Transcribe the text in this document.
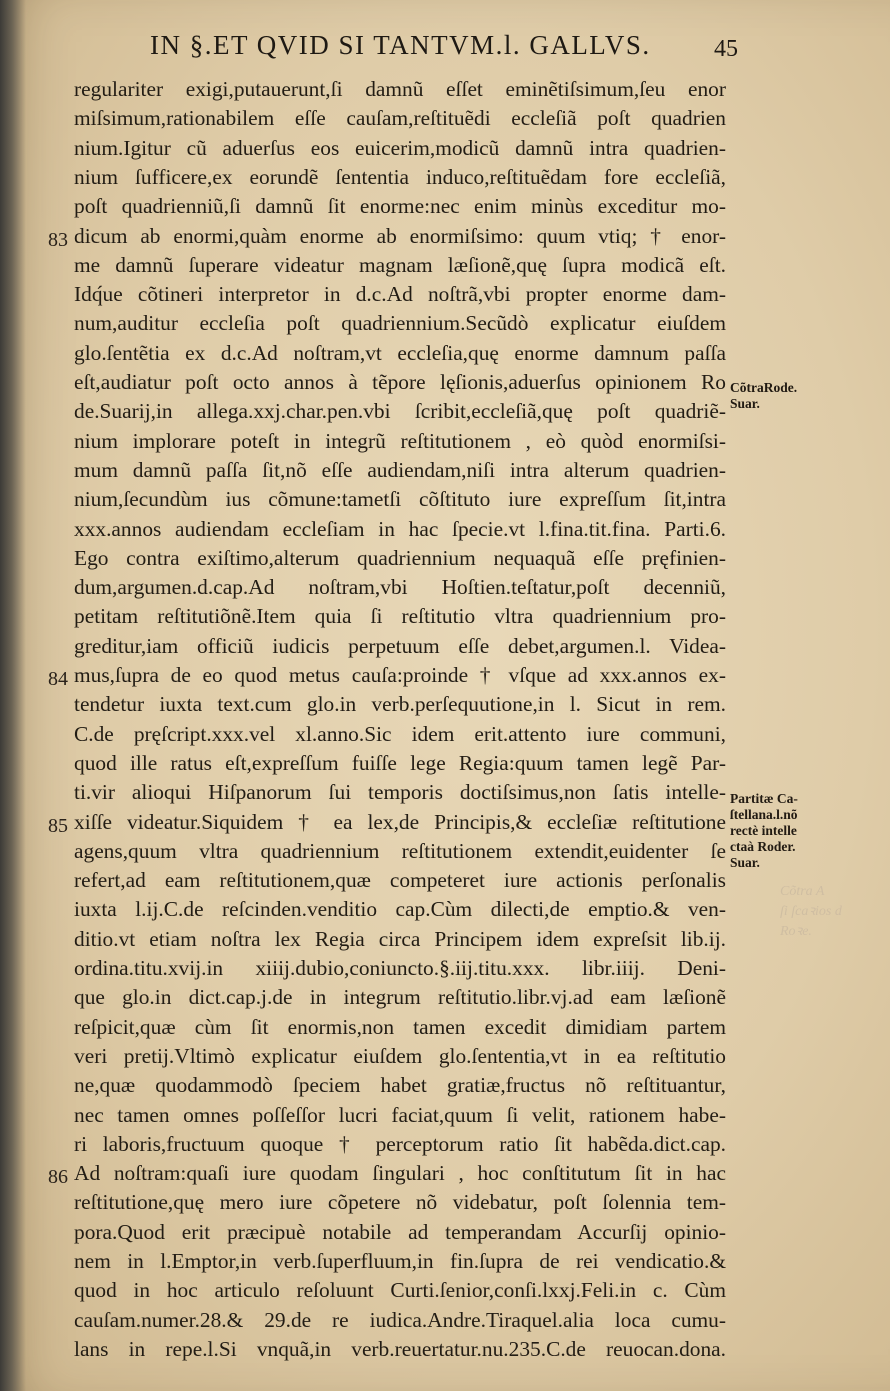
IN §.ET QVID SI TANTVM.l. GALLVS.	45
regulariter exigi,putauerunt,ſi damnũ eſſet eminẽtiſsimum,ſeu enor
miſsimum,rationabilem eſſe cauſam,reſtituẽdi eccleſiã poſt quadrien
nium.Igitur cũ aduerſus eos euicerim,modicũ damnũ intra quadrien-
nium ſufficere,ex eorundẽ ſententia induco,reſtituẽdam fore eccleſiã,
poſt quadrienniũ,ſi damnũ ſit enorme:nec enim minùs exceditur mo-
dicum ab enormi,quàm enorme ab enormiſsimo: quum vtiq; † enor-
me damnũ ſuperare videatur magnam læſionẽ,quę ſupra modicã eſt.
Idq́ue cõtineri interpretor in d.c.Ad noſtrã,vbi propter enorme dam-
num,auditur eccleſia poſt quadriennium.Secũdò explicatur eiuſdem
glo.ſentẽtia ex d.c.Ad noſtram,vt eccleſia,quę enorme damnum paſſa
eſt,audiatur poſt octo annos à tẽpore lęſionis,aduerſus opinionem Ro
de.Suarij,in allega.xxj.char.pen.vbi ſcribit,eccleſiã,quę poſt quadriẽ-
nium implorare poteſt in integrũ reſtitutionem , eò quòd enormiſsi-
mum damnũ paſſa ſit,nõ eſſe audiendam,niſi intra alterum quadrien-
nium,ſecundùm ius cõmune:tametſi cõſtituto iure expreſſum ſit,intra
xxx.annos audiendam eccleſiam in hac ſpecie.vt l.fina.tit.fina. Parti.6.
Ego contra exiſtimo,alterum quadriennium nequaquã eſſe pręfinien-
dum,argumen.d.cap.Ad noſtram,vbi Hoſtien.teſtatur,poſt decenniũ,
petitam reſtitutiõnẽ.Item quia ſi reſtitutio vltra quadriennium pro-
greditur,iam officiũ iudicis perpetuum eſſe debet,argumen.l. Videa-
mus,ſupra de eo quod metus cauſa:proinde † vſque ad xxx.annos ex-
tendetur iuxta text.cum glo.in verb.perſequutione,in l. Sicut in rem.
C.de pręſcript.xxx.vel xl.anno.Sic idem erit.attento iure communi,
quod ille ratus eſt,expreſſum fuiſſe lege Regia:quum tamen legẽ Par-
ti.vir alioqui Hiſpanorum ſui temporis doctiſsimus,non ſatis intelle-
xiſſe videatur.Siquidem † ea lex,de Principis,& eccleſiæ reſtitutione
agens,quum vltra quadriennium reſtitutionem extendit,euidenter ſe
refert,ad eam reſtitutionem,quæ competeret iure actionis perſonalis
iuxta l.ij.C.de reſcinden.venditio cap.Cùm dilecti,de emptio.& ven-
ditio.vt etiam noſtra lex Regia circa Principem idem expreſsit lib.ij.
ordina.titu.xvij.in xiiij.dubio,coniuncto.§.iij.titu.xxx. libr.iiij. Deni-
que glo.in dict.cap.j.de in integrum reſtitutio.libr.vj.ad eam læſionẽ
reſpicit,quæ cùm ſit enormis,non tamen excedit dimidiam partem
veri pretij.Vltimò explicatur eiuſdem glo.ſententia,vt in ea reſtitutio
ne,quæ quodammodò ſpeciem habet gratiæ,fructus nõ reſtituantur,
nec tamen omnes poſſeſſor lucri faciat,quum ſi velit, rationem habe-
ri laboris,fructuum quoque † perceptorum ratio ſit habẽda.dict.cap.
Ad noſtram:quaſi iure quodam ſingulari , hoc conſtitutum ſit in hac
reſtitutione,quę mero iure cõpetere nõ videbatur, poſt ſolennia tem-
pora.Quod erit præcipuè notabile ad temperandam Accurſij opinio-
nem in l.Emptor,in verb.ſuperfluum,in fin.ſupra de rei vendicatio.&
quod in hoc articulo reſoluunt Curti.ſenior,conſi.lxxj.Feli.in c. Cùm
cauſam.numer.28.& 29.de re iudica.Andre.Tiraquel.alia loca cumu-
lans in repe.l.Si vnquã,in verb.reuertatur.nu.235.C.de reuocan.dona.
83
84
85
86
CõtraRode.
Suar.
Partitæ Ca-
ſtellana.l.nõ
rectè intelle
ctaà Roder.
Suar.
Cõtra A
ſi ſcaꝛios d
Roꝛe.
